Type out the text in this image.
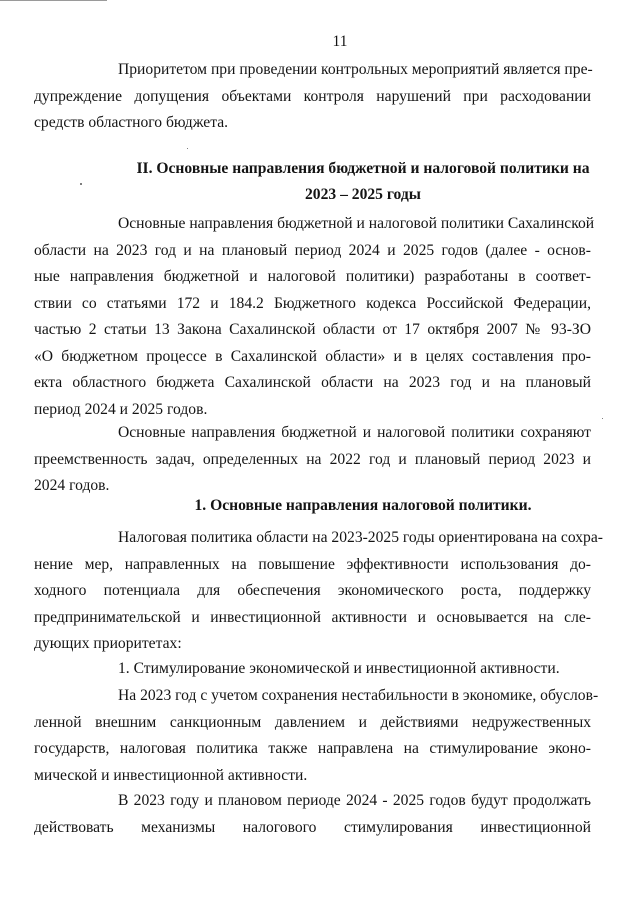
11
Приоритетом при проведении контрольных мероприятий является пре-
дупреждение допущения объектами контроля нарушений при расходовании
средств областного бюджета.
II. Основные направления бюджетной и налоговой политики на
2023 – 2025 годы
Основные направления бюджетной и налоговой политики Сахалинской
области на 2023 год и на плановый период 2024 и 2025 годов (далее - основ-
ные направления бюджетной и налоговой политики) разработаны в соответ-
ствии со статьями 172 и 184.2 Бюджетного кодекса Российской Федерации,
частью 2 статьи 13 Закона Сахалинской области от 17 октября 2007 № 93-ЗО
«О бюджетном процессе в Сахалинской области» и в целях составления про-
екта областного бюджета Сахалинской области на 2023 год и на плановый
период 2024 и 2025 годов.
Основные направления бюджетной и налоговой политики сохраняют
преемственность задач, определенных на 2022 год и плановый период 2023 и
2024 годов.
1. Основные направления налоговой политики.
Налоговая политика области на 2023-2025 годы ориентирована на сохра-
нение мер, направленных на повышение эффективности использования до-
ходного потенциала для обеспечения экономического роста, поддержку
предпринимательской и инвестиционной активности и основывается на сле-
дующих приоритетах:
1. Стимулирование экономической и инвестиционной активности.
На 2023 год с учетом сохранения нестабильности в экономике, обуслов-
ленной внешним санкционным давлением и действиями недружественных
государств, налоговая политика также направлена на стимулирование эконо-
мической и инвестиционной активности.
В 2023 году и плановом периоде 2024 - 2025 годов будут продолжать
действовать механизмы налогового стимулирования инвестиционной
